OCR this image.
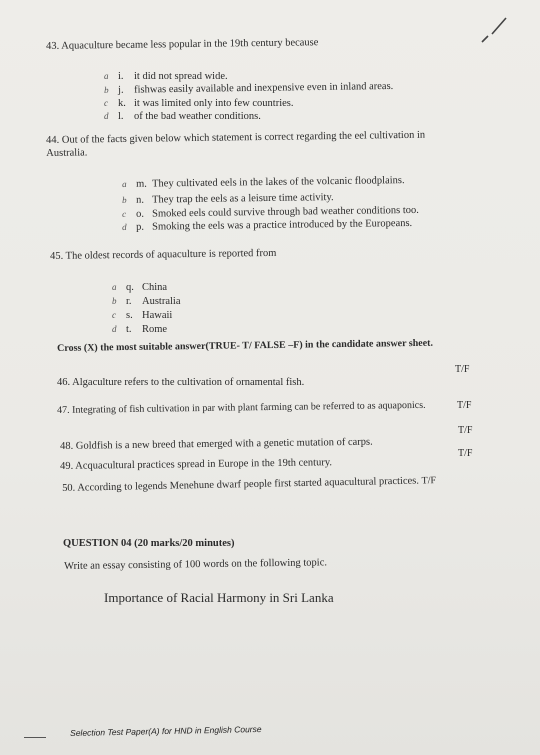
43. Aquaculture became less popular in the 19th century because
a i. it did not spread wide.
b j. fishwas easily available and inexpensive even in inland areas.
c k. it was limited only into few countries.
d l. of the bad weather conditions.
44. Out of the facts given below which statement is correct regarding the eel cultivation in
Australia.
a m. They cultivated eels in the lakes of the volcanic floodplains.
b n. They trap the eels as a leisure time activity.
c o. Smoked eels could survive through bad weather conditions too.
d p. Smoking the eels was a practice introduced by the Europeans.
45. The oldest records of aquaculture is reported from
a q. China
b r. Australia
c s. Hawaii
d t. Rome
Cross (X) the most suitable answer(TRUE- T/ FALSE –F) in the candidate answer sheet.
46. Algaculture refers to the cultivation of ornamental fish.
T/F
47. Integrating of fish cultivation in par with plant farming can be referred to as aquaponics.	T/F
48. Goldfish is a new breed that emerged with a genetic mutation of carps.
T/F
49. Acquacultural practices spread in Europe in the 19th century.
T/F
50. According to legends Menehune dwarf people first started aquacultural practices. T/F
QUESTION 04 (20 marks/20 minutes)
Write an essay consisting of 100 words on the following topic.
Importance of Racial Harmony in Sri Lanka
Selection Test Paper(A) for HND in English Course
